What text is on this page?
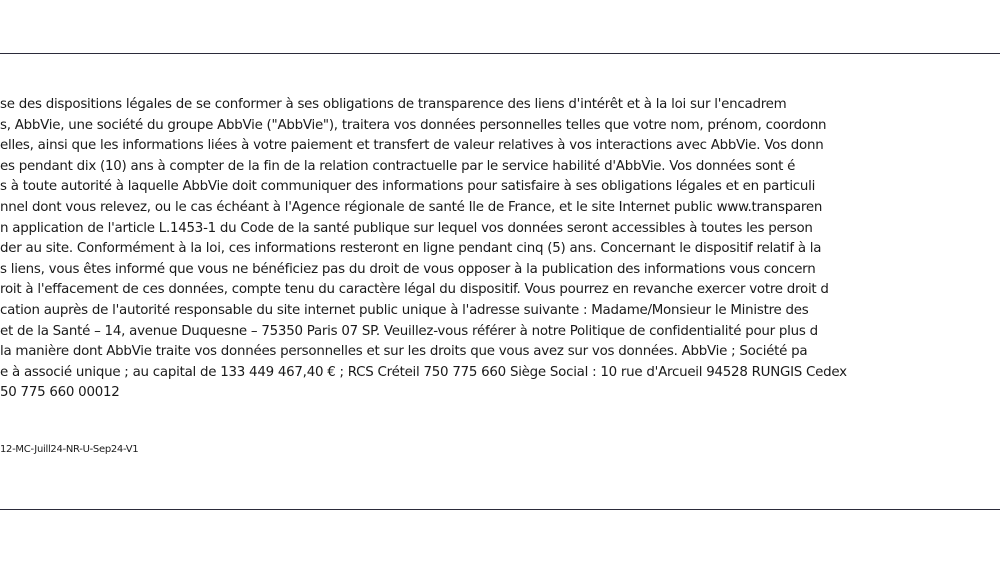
se des dispositions légales de se conformer à ses obligations de transparence des liens d'intérêt et à la loi sur l'encadrem
s, AbbVie, une société du groupe AbbVie ("AbbVie"), traitera vos données personnelles telles que votre nom, prénom, coordonn
elles, ainsi que les informations liées à votre paiement et transfert de valeur relatives à vos interactions avec AbbVie. Vos donn
es pendant dix (10) ans à compter de la fin de la relation contractuelle par le service habilité d'AbbVie. Vos données sont é
s à toute autorité à laquelle AbbVie doit communiquer des informations pour satisfaire à ses obligations légales et en particuli
nnel dont vous relevez, ou le cas échéant à l'Agence régionale de santé Ile de France, et le site Internet public www.transparen
n application de l'article L.1453-1 du Code de la santé publique sur lequel vos données seront accessibles à toutes les person
der au site. Conformément à la loi, ces informations resteront en ligne pendant cinq (5) ans. Concernant le dispositif relatif à la
s liens, vous êtes informé que vous ne bénéficiez pas du droit de vous opposer à la publication des informations vous concern
roit à l'effacement de ces données, compte tenu du caractère légal du dispositif. Vous pourrez en revanche exercer votre droit d
cation auprès de l'autorité responsable du site internet public unique à l'adresse suivante : Madame/Monsieur le Ministre des
et de la Santé – 14, avenue Duquesne – 75350 Paris 07 SP. Veuillez-vous référer à notre Politique de confidentialité pour plus d
la manière dont AbbVie traite vos données personnelles et sur les droits que vous avez sur vos données. AbbVie ; Société pa
e à associé unique ; au capital de 133 449 467,40 € ; RCS Créteil 750 775 660 Siège Social : 10 rue d'Arcueil 94528 RUNGIS Cedex
50 775 660 00012
12-MC-Juill24-NR-U-Sep24-V1
